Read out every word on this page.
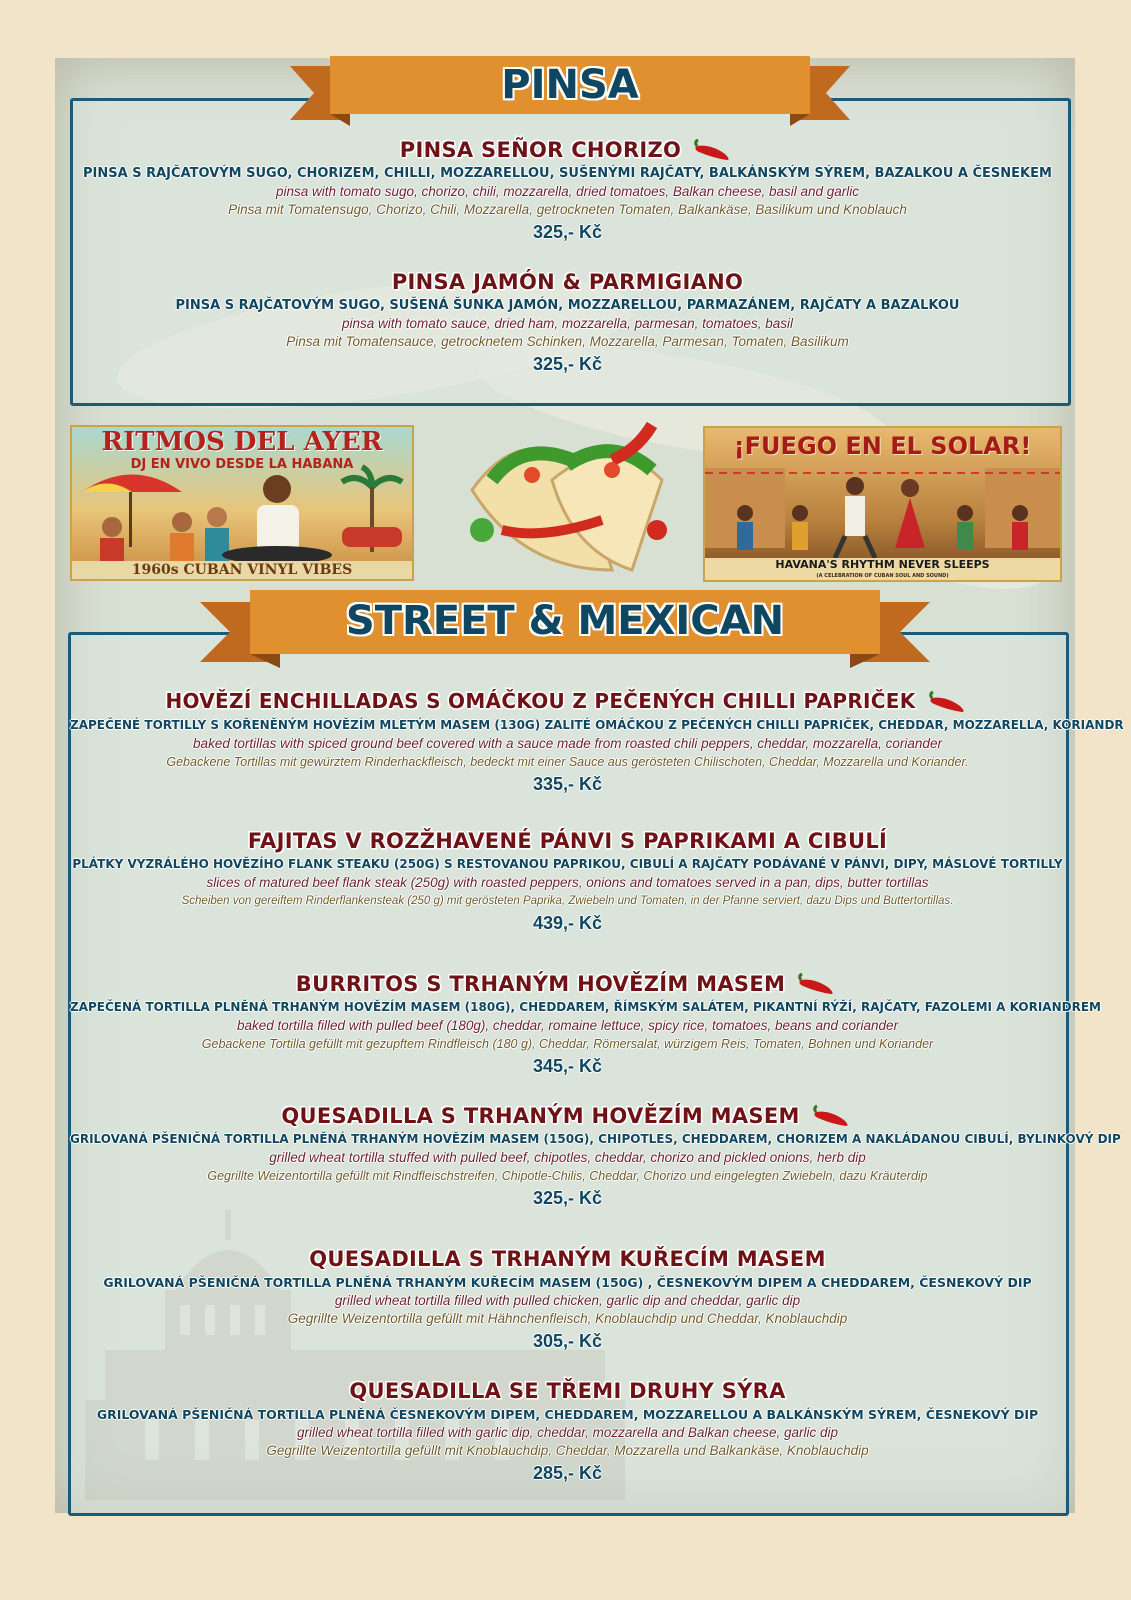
PINSA
PINSA SEÑOR CHORIZO
PINSA S RAJČATOVÝM SUGO, CHORIZEM, CHILLI, MOZZARELLOU, SUŠENÝMI RAJČATY, BALKÁNSKÝM SÝREM, BAZALKOU A ČESNEKEM
pinsa with tomato sugo, chorizo, chili, mozzarella, dried tomatoes, Balkan cheese, basil and garlic
Pinsa mit Tomatensugo, Chorizo, Chili, Mozzarella, getrockneten Tomaten, Balkankäse, Basilikum und Knoblauch
325,- Kč
PINSA JAMÓN & PARMIGIANO
PINSA S RAJČATOVÝM SUGO, SUŠENÁ ŠUNKA JAMÓN, MOZZARELLOU, PARMAZÁNEM, RAJČATY A BAZALKOU
pinsa with tomato sauce, dried ham, mozzarella, parmesan, tomatoes, basil
Pinsa mit Tomatensauce, getrocknetem Schinken, Mozzarella, Parmesan, Tomaten, Basilikum
325,- Kč
RITMOS DEL AYER
DJ EN VIVO DESDE LA HABANA
1960s CUBAN VINYL VIBES
¡FUEGO EN EL SOLAR!
HAVANA'S RHYTHM NEVER SLEEPS
(A CELEBRATION OF CUBAN SOUL AND SOUND)
STREET & MEXICAN
HOVĚZÍ ENCHILLADAS S OMÁČKOU Z PEČENÝCH CHILLI PAPRIČEK
ZAPEČENÉ TORTILLY S KOŘENĚNÝM HOVĚZÍM MLETÝM MASEM (130G) ZALITÉ OMÁČKOU Z PEČENÝCH CHILLI PAPRIČEK, CHEDDAR, MOZZARELLA, KORIANDR
baked tortillas with spiced ground beef covered with a sauce made from roasted chili peppers, cheddar, mozzarella, coriander
Gebackene Tortillas mit gewürztem Rinderhackfleisch, bedeckt mit einer Sauce aus gerösteten Chilischoten, Cheddar, Mozzarella und Koriander.
335,- Kč
FAJITAS V ROZŽHAVENÉ PÁNVI S PAPRIKAMI A CIBULÍ
PLÁTKY VYZRÁLÉHO HOVĚZÍHO FLANK STEAKU (250G) S RESTOVANOU PAPRIKOU, CIBULÍ A RAJČATY PODÁVANÉ V PÁNVI, DIPY, MÁSLOVÉ TORTILLY
slices of matured beef flank steak (250g) with roasted peppers, onions and tomatoes served in a pan, dips, butter tortillas
Scheiben von gereiftem Rinderflankensteak (250 g) mit gerösteten Paprika, Zwiebeln und Tomaten, in der Pfanne serviert, dazu Dips und Buttertortillas.
439,- Kč
BURRITOS S TRHANÝM HOVĚZÍM MASEM
ZAPEČENÁ TORTILLA PLNĚNÁ TRHANÝM HOVĚZÍM MASEM (180G), CHEDDAREM, ŘÍMSKÝM SALÁTEM, PIKANTNÍ RÝŽÍ, RAJČATY, FAZOLEMI A KORIANDREM
baked tortilla filled with pulled beef (180g), cheddar, romaine lettuce, spicy rice, tomatoes, beans and coriander
Gebackene Tortilla gefüllt mit gezupftem Rindfleisch (180 g), Cheddar, Römersalat, würzigem Reis, Tomaten, Bohnen und Koriander
345,- Kč
QUESADILLA S TRHANÝM HOVĚZÍM MASEM
GRILOVANÁ PŠENIČNÁ TORTILLA PLNĚNÁ TRHANÝM HOVĚZÍM MASEM (150G), CHIPOTLES, CHEDDAREM, CHORIZEM A NAKLÁDANOU CIBULÍ, BYLINKOVÝ DIP
grilled wheat tortilla stuffed with pulled beef, chipotles, cheddar, chorizo and pickled onions, herb dip
Gegrillte Weizentortilla gefüllt mit Rindfleischstreifen, Chipotle-Chilis, Cheddar, Chorizo und eingelegten Zwiebeln, dazu Kräuterdip
325,- Kč
QUESADILLA S TRHANÝM KUŘECÍM MASEM
GRILOVANÁ PŠENIČNÁ TORTILLA PLNĚNÁ TRHANÝM KUŘECÍM MASEM (150G) , ČESNEKOVÝM DIPEM A CHEDDAREM, ČESNEKOVÝ DIP
grilled wheat tortilla filled with pulled chicken, garlic dip and cheddar, garlic dip
Gegrillte Weizentortilla gefüllt mit Hähnchenfleisch, Knoblauchdip und Cheddar, Knoblauchdip
305,- Kč
QUESADILLA SE TŘEMI DRUHY SÝRA
GRILOVANÁ PŠENIČNÁ TORTILLA PLNĚNÁ ČESNEKOVÝM DIPEM, CHEDDAREM, MOZZARELLOU A BALKÁNSKÝM SÝREM, ČESNEKOVÝ DIP
grilled wheat tortilla filled with garlic dip, cheddar, mozzarella and Balkan cheese, garlic dip
Gegrillte Weizentortilla gefüllt mit Knoblauchdip, Cheddar, Mozzarella und Balkankäse, Knoblauchdip
285,- Kč
